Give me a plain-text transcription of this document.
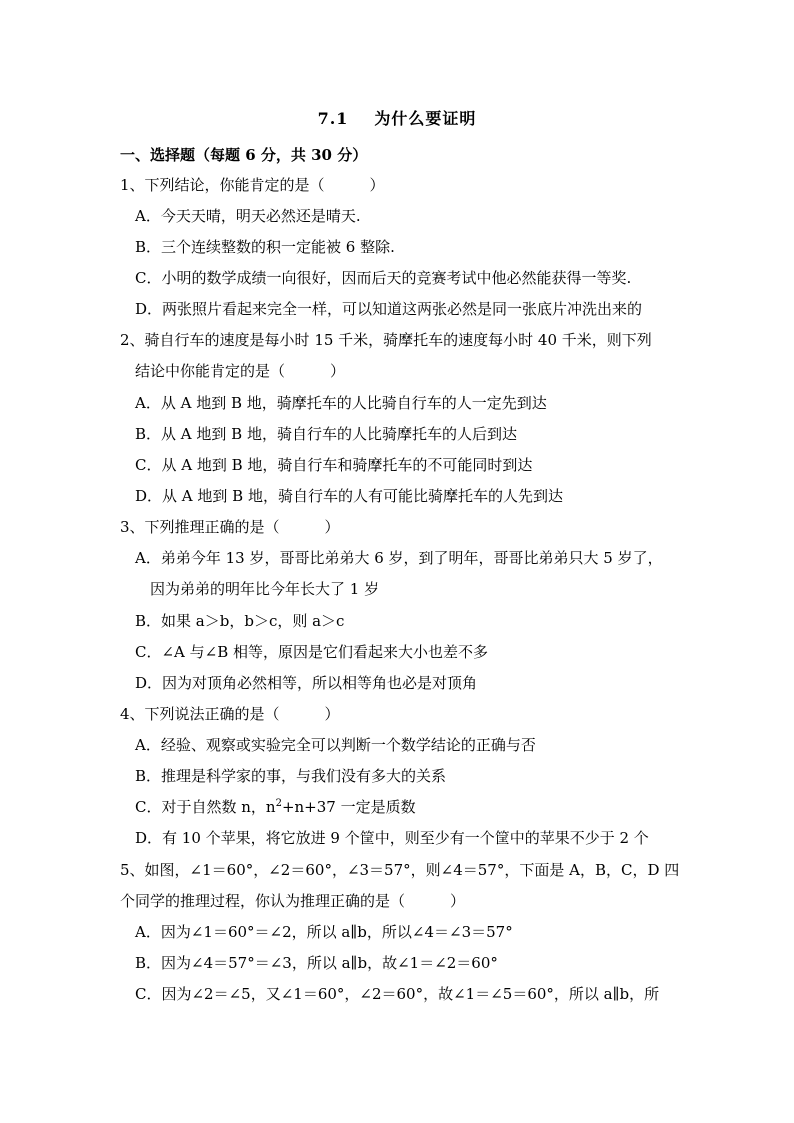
7.1 为什么要证明
一、选择题（每题 6 分，共 30 分）
1、下列结论，你能肯定的是（　　　）
A．今天天晴，明天必然还是晴天.
B．三个连续整数的积一定能被 6 整除.
C．小明的数学成绩一向很好，因而后天的竞赛考试中他必然能获得一等奖.
D．两张照片看起来完全一样，可以知道这两张必然是同一张底片冲洗出来的
2、骑自行车的速度是每小时 15 千米，骑摩托车的速度每小时 40 千米，则下列
结论中你能肯定的是（　　　）
A．从 A 地到 B 地，骑摩托车的人比骑自行车的人一定先到达
B．从 A 地到 B 地，骑自行车的人比骑摩托车的人后到达
C．从 A 地到 B 地，骑自行车和骑摩托车的不可能同时到达
D．从 A 地到 B 地，骑自行车的人有可能比骑摩托车的人先到达
3、下列推理正确的是（　　　）
A．弟弟今年 13 岁，哥哥比弟弟大 6 岁，到了明年，哥哥比弟弟只大 5 岁了，
因为弟弟的明年比今年长大了 1 岁
B．如果 a＞b，b＞c，则 a＞c
C．∠A 与∠B 相等，原因是它们看起来大小也差不多
D．因为对顶角必然相等，所以相等角也必是对顶角
4、下列说法正确的是（　　　）
A．经验、观察或实验完全可以判断一个数学结论的正确与否
B．推理是科学家的事，与我们没有多大的关系
C．对于自然数 n，$n^2+n+37$ 一定是质数
D．有 10 个苹果，将它放进 9 个筐中，则至少有一个筐中的苹果不少于 2 个
5、如图，∠1＝60°，∠2＝60°，∠3＝57°，则∠4＝57°，下面是 A，B，C，D 四
个同学的推理过程，你认为推理正确的是（　　　）
A．因为∠1＝60°＝∠2，所以 a∥b，所以∠4＝∠3＝57°
B．因为∠4＝57°＝∠3，所以 a∥b，故∠1＝∠2＝60°
C．因为∠2＝∠5，又∠1＝60°，∠2＝60°，故∠1＝∠5＝60°，所以 a∥b，所
